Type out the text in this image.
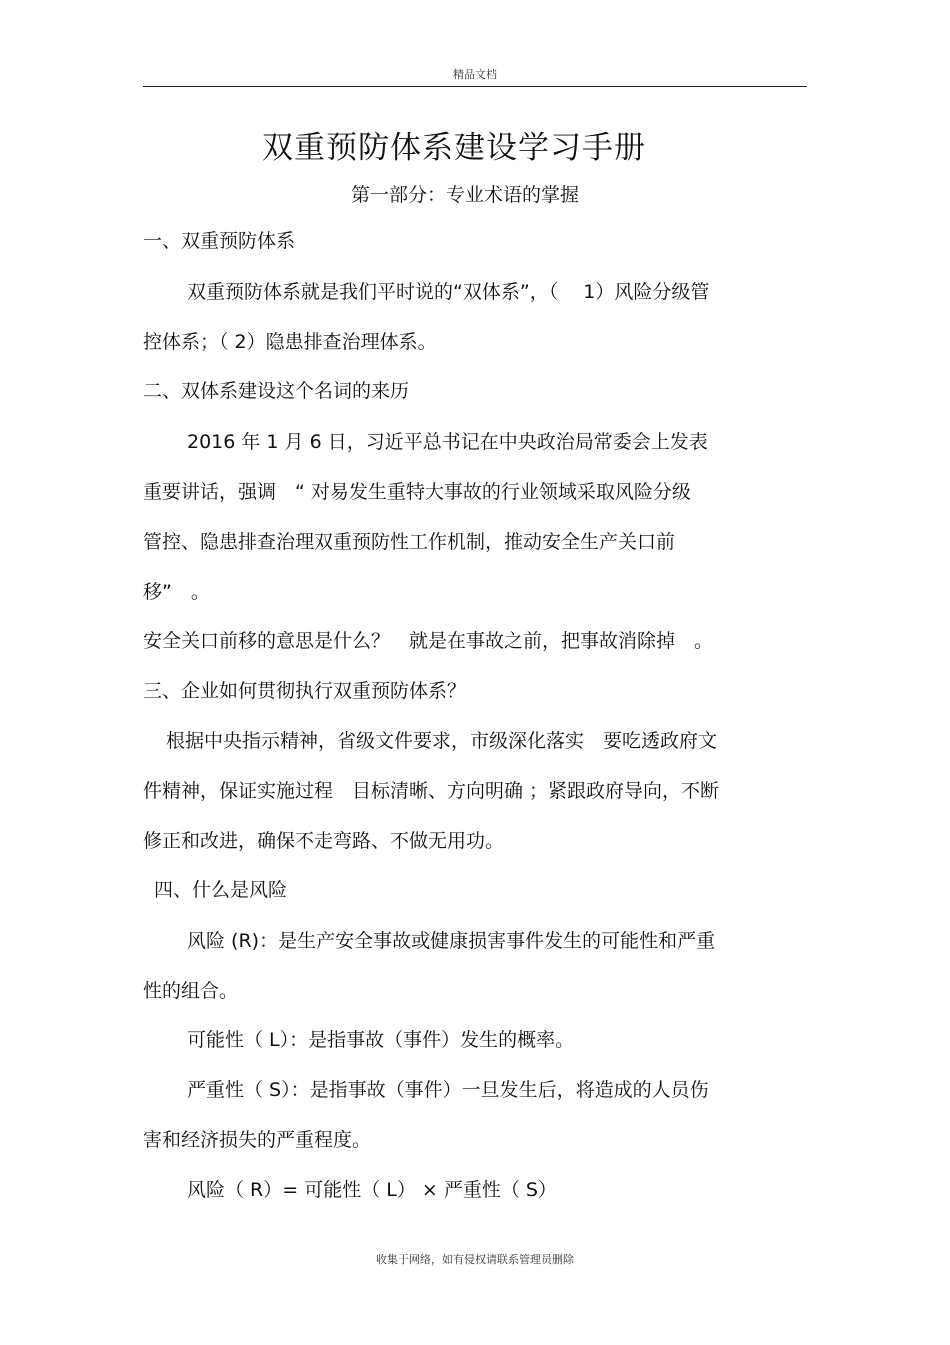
精品文档
双重预防体系建设学习手册
第一部分：专业术语的掌握
一、双重预防体系
双重预防体系就是我们平时说的“双体系”，（　 1）风险分级管
控体系；（ 2）隐患排查治理体系。
二、双体系建设这个名词的来历
2016 年 1 月 6 日，习近平总书记在中央政治局常委会上发表
重要讲话，强调　“ 对易发生重特大事故的行业领域采取风险分级
管控、隐患排查治理双重预防性工作机制，推动安全生产关口前
移”　。
安全关口前移的意思是什么？　就是在事故之前，把事故消除掉　。
三、企业如何贯彻执行双重预防体系？
根据中央指示精神，省级文件要求，市级深化落实　要吃透政府文
件精神，保证实施过程　目标清晰、方向明确 ；紧跟政府导向，不断
修正和改进，确保不走弯路、不做无用功。
四、什么是风险
风险 (R)：是生产安全事故或健康损害事件发生的可能性和严重
性的组合。
可能性（ L）：是指事故（事件）发生的概率。
严重性（ S）：是指事故（事件）一旦发生后，将造成的人员伤
害和经济损失的严重程度。
风险（ R）= 可能性（ L） × 严重性（ S）
收集于网络，如有侵权请联系管理员删除
